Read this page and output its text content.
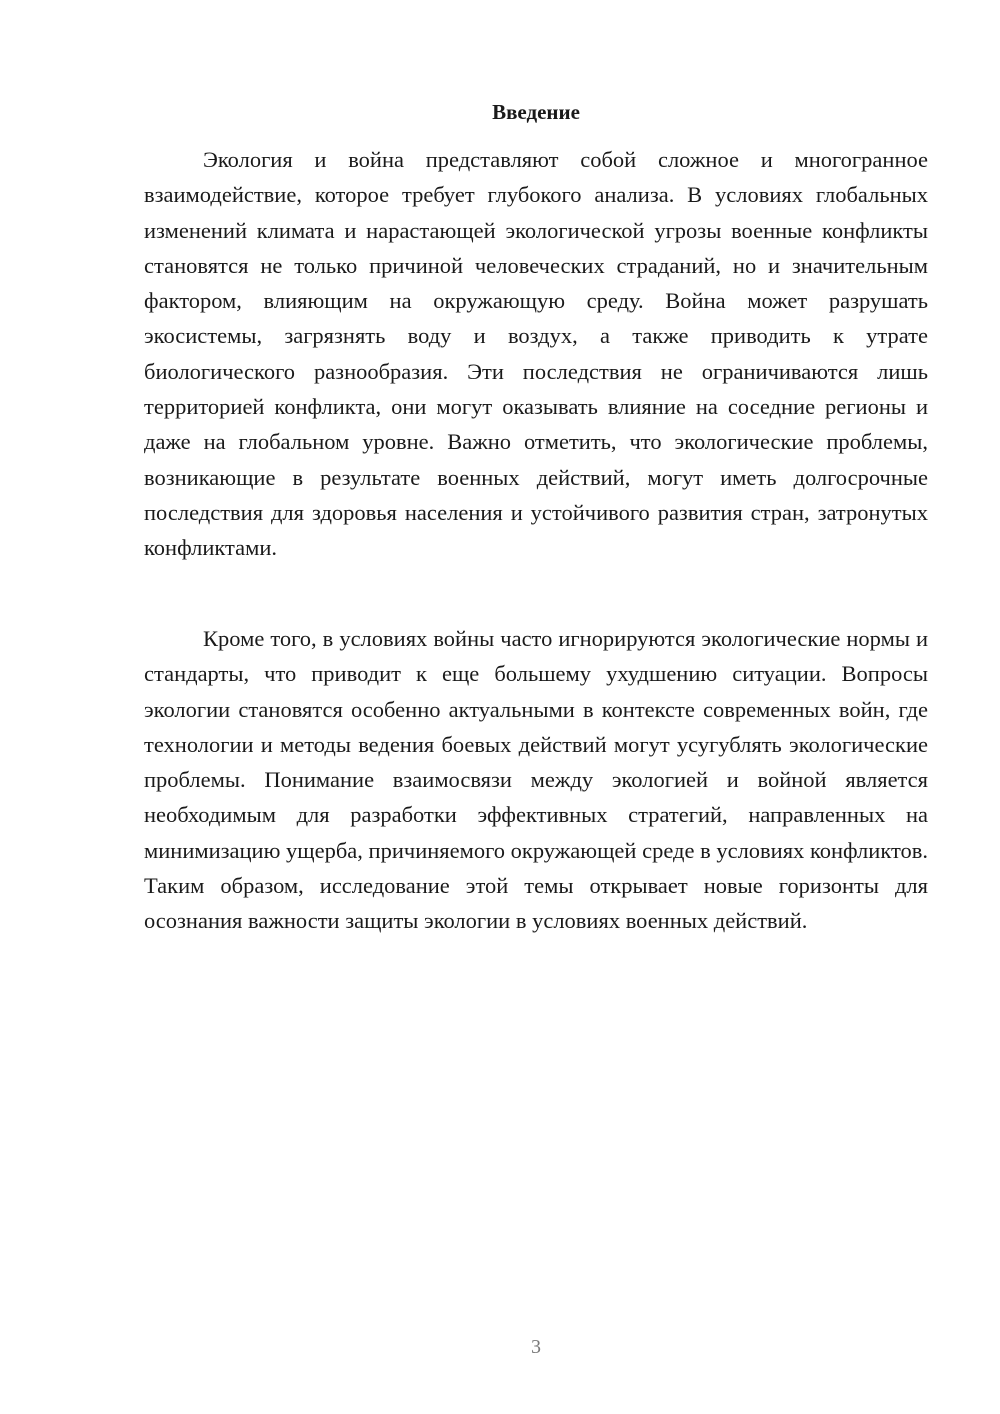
Введение

Экология и война представляют собой сложное и многогранное взаимодействие, которое требует глубокого анализа. В условиях глобальных изменений климата и нарастающей экологической угрозы военные конфликты становятся не только причиной человеческих страданий, но и значительным фактором, влияющим на окружающую среду. Война может разрушать экосистемы, загрязнять воду и воздух, а также приводить к утрате биологического разнообразия. Эти последствия не ограничиваются лишь территорией конфликта, они могут оказывать влияние на соседние регионы и даже на глобальном уровне. Важно отметить, что экологические проблемы, возникающие в результате военных действий, могут иметь долгосрочные последствия для здоровья населения и устойчивого развития стран, затронутых конфликтами.

Кроме того, в условиях войны часто игнорируются экологические нормы и стандарты, что приводит к еще большему ухудшению ситуации. Вопросы экологии становятся особенно актуальными в контексте современных войн, где технологии и методы ведения боевых действий могут усугублять экологические проблемы. Понимание взаимосвязи между экологией и войной является необходимым для разработки эффективных стратегий, направленных на минимизацию ущерба, причиняемого окружающей среде в условиях конфликтов. Таким образом, исследование этой темы открывает новые горизонты для осознания важности защиты экологии в условиях военных действий.

3
